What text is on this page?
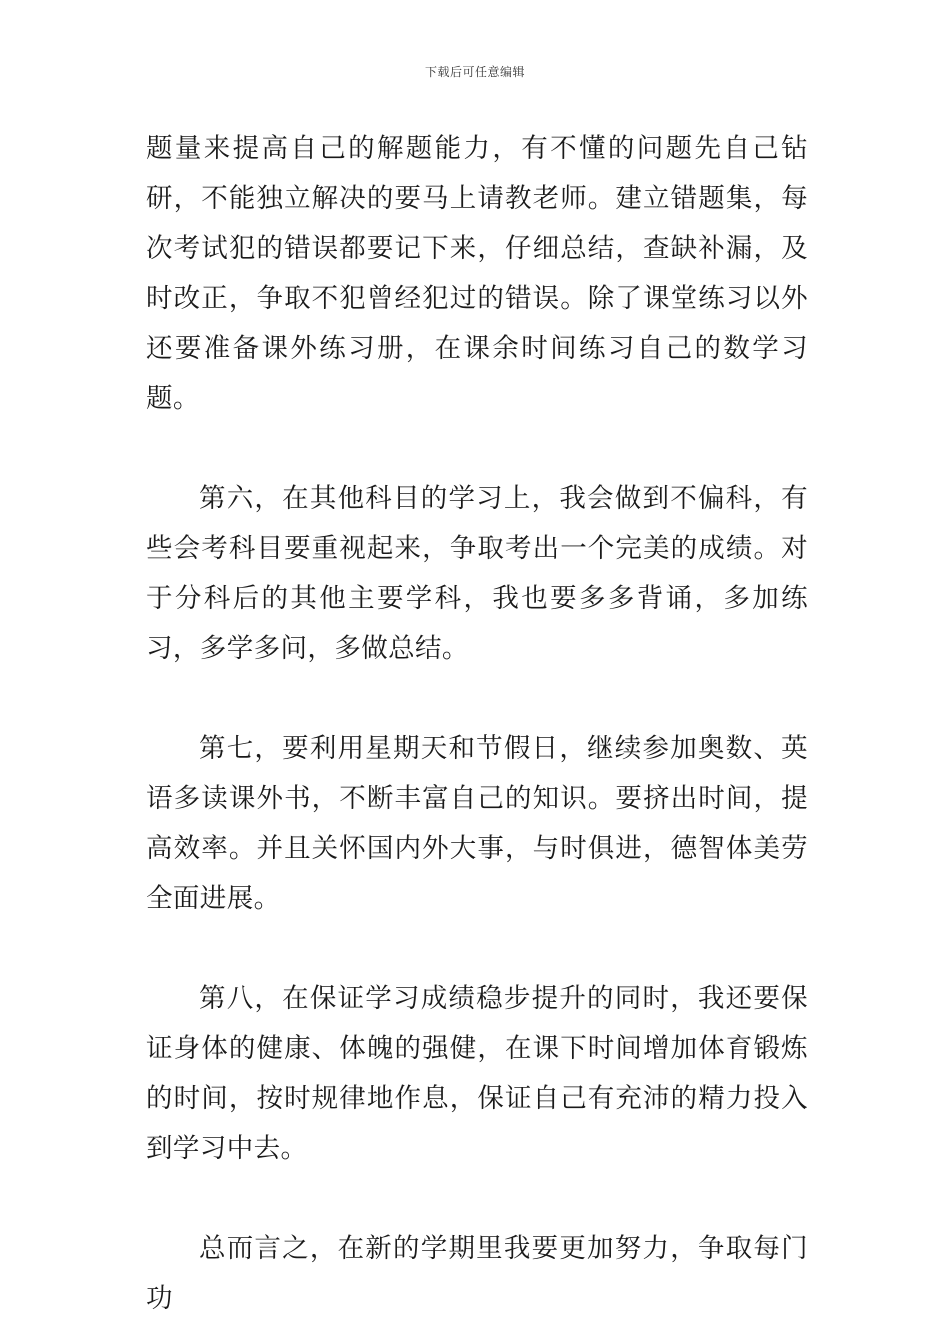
下载后可任意编辑

题量来提高自己的解题能力，有不懂的问题先自己钻研，不能独立解决的要马上请教老师。建立错题集，每次考试犯的错误都要记下来，仔细总结，查缺补漏，及时改正，争取不犯曾经犯过的错误。除了课堂练习以外还要准备课外练习册，在课余时间练习自己的数学习题。

第六，在其他科目的学习上，我会做到不偏科，有些会考科目要重视起来，争取考出一个完美的成绩。对于分科后的其他主要学科，我也要多多背诵，多加练习，多学多问，多做总结。

第七，要利用星期天和节假日，继续参加奥数、英语多读课外书，不断丰富自己的知识。要挤出时间，提高效率。并且关怀国内外大事，与时俱进，德智体美劳全面进展。

第八，在保证学习成绩稳步提升的同时，我还要保证身体的健康、体魄的强健，在课下时间增加体育锻炼的时间，按时规律地作息，保证自己有充沛的精力投入到学习中去。

总而言之，在新的学期里我要更加努力，争取每门功
